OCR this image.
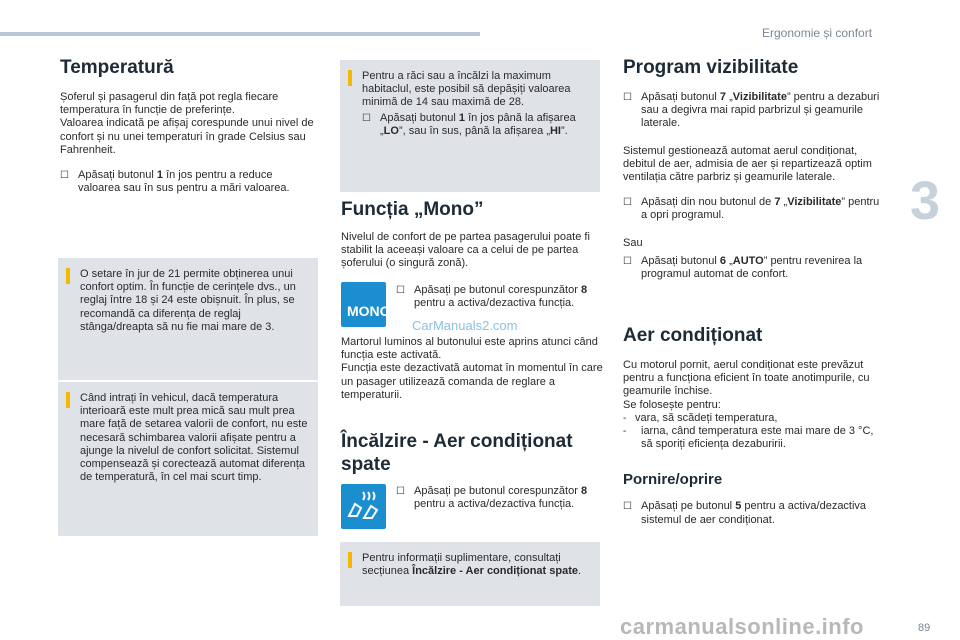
Ergonomie și confort
3
Temperatură

Șoferul și pasagerul din față pot regla fiecare temperatura în funcție de preferințe.
Valoarea indicată pe afișaj corespunde unui nivel de confort și nu unei temperaturi în grade Celsius sau Fahrenheit.

☐ Apăsați butonul 1 în jos pentru a reduce valoarea sau în sus pentru a mări valoarea.
O setare în jur de 21 permite obținerea unui confort optim. În funcție de cerințele dvs., un reglaj între 18 și 24 este obișnuit. În plus, se recomandă ca diferența de reglaj stânga/dreapta să nu fie mai mare de 3.
Când intrați în vehicul, dacă temperatura interioară este mult prea mică sau mult prea mare față de setarea valorii de confort, nu este necesară schimbarea valorii afișate pentru a ajunge la nivelul de confort solicitat. Sistemul compensează și corectează automat diferența de temperatură, în cel mai scurt timp.
Pentru a răci sau a încălzi la maximum habitaclul, este posibil să depășiți valoarea minimă de 14 sau maximă de 28.
☐ Apăsați butonul 1 în jos până la afișarea „LO”, sau în sus, până la afișarea „HI”.
Funcția „Mono”

Nivelul de confort de pe partea pasagerului poate fi stabilit la aceeași valoare ca a celui de pe partea șoferului (o singură zonă).

MONO
☐ Apăsați pe butonul corespunzător 8 pentru a activa/dezactiva funcția.
CarManuals2.com

Martorul luminos al butonului este aprins atunci când funcția este activată.
Funcția este dezactivată automat în momentul în care un pasager utilizează comanda de reglare a temperaturii.

Încălzire - Aer condiționat spate
☐ Apăsați pe butonul corespunzător 8 pentru a activa/dezactiva funcția.
Pentru informații suplimentare, consultați secțiunea Încălzire - Aer condiționat spate.
Program vizibilitate
☐ Apăsați butonul 7 „Vizibilitate” pentru a dezaburi sau a degivra mai rapid parbrizul și geamurile laterale.

Sistemul gestionează automat aerul condiționat, debitul de aer, admisia de aer și repartizează optim ventilația către parbriz și geamurile laterale.

☐ Apăsați din nou butonul de 7 „Vizibilitate” pentru a opri programul.

Sau

☐ Apăsați butonul 6 „AUTO” pentru revenirea la programul automat de confort.
Aer condiționat

Cu motorul pornit, aerul condiționat este prevăzut pentru a funcționa eficient în toate anotimpurile, cu geamurile închise.
Se folosește pentru:

- vara, să scădeți temperatura,
- iarna, când temperatura este mai mare de 3 °C, să sporiți eficiența dezaburirii.
Pornire/oprire
☐ Apăsați pe butonul 5 pentru a activa/dezactiva sistemul de aer condiționat.
carmanualsonline.info	89
